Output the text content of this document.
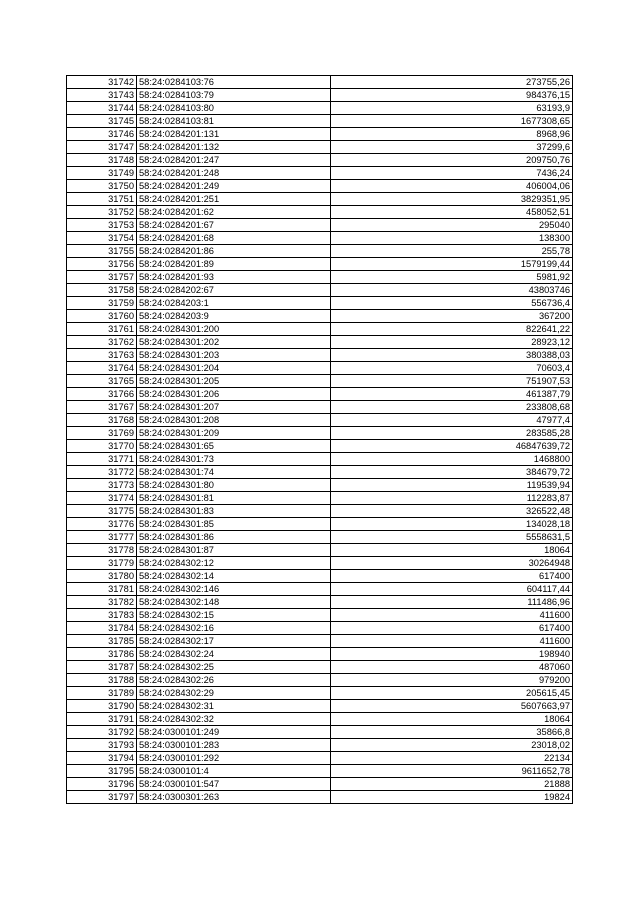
31742	58:24:0284103:76	273755,26
31743	58:24:0284103:79	984376,15
31744	58:24:0284103:80	63193,9
31745	58:24:0284103:81	1677308,65
31746	58:24:0284201:131	8968,96
31747	58:24:0284201:132	37299,6
31748	58:24:0284201:247	209750,76
31749	58:24:0284201:248	7436,24
31750	58:24:0284201:249	406004,06
31751	58:24:0284201:251	3829351,95
31752	58:24:0284201:62	458052,51
31753	58:24:0284201:67	295040
31754	58:24:0284201:68	138300
31755	58:24:0284201:86	255,78
31756	58:24:0284201:89	1579199,44
31757	58:24:0284201:93	5981,92
31758	58:24:0284202:67	43803746
31759	58:24:0284203:1	556736,4
31760	58:24:0284203:9	367200
31761	58:24:0284301:200	822641,22
31762	58:24:0284301:202	28923,12
31763	58:24:0284301:203	380388,03
31764	58:24:0284301:204	70603,4
31765	58:24:0284301:205	751907,53
31766	58:24:0284301:206	461387,79
31767	58:24:0284301:207	233808,68
31768	58:24:0284301:208	47977,4
31769	58:24:0284301:209	283585,28
31770	58:24:0284301:65	46847639,72
31771	58:24:0284301:73	1468800
31772	58:24:0284301:74	384679,72
31773	58:24:0284301:80	119539,94
31774	58:24:0284301:81	112283,87
31775	58:24:0284301:83	326522,48
31776	58:24:0284301:85	134028,18
31777	58:24:0284301:86	5558631,5
31778	58:24:0284301:87	18064
31779	58:24:0284302:12	30264948
31780	58:24:0284302:14	617400
31781	58:24:0284302:146	604117,44
31782	58:24:0284302:148	111486,96
31783	58:24:0284302:15	411600
31784	58:24:0284302:16	617400
31785	58:24:0284302:17	411600
31786	58:24:0284302:24	198940
31787	58:24:0284302:25	487060
31788	58:24:0284302:26	979200
31789	58:24:0284302:29	205615,45
31790	58:24:0284302:31	5607663,97
31791	58:24:0284302:32	18064
31792	58:24:0300101:249	35866,8
31793	58:24:0300101:283	23018,02
31794	58:24:0300101:292	22134
31795	58:24:0300101:4	9611652,78
31796	58:24:0300101:547	21888
31797	58:24:0300301:263	19824
